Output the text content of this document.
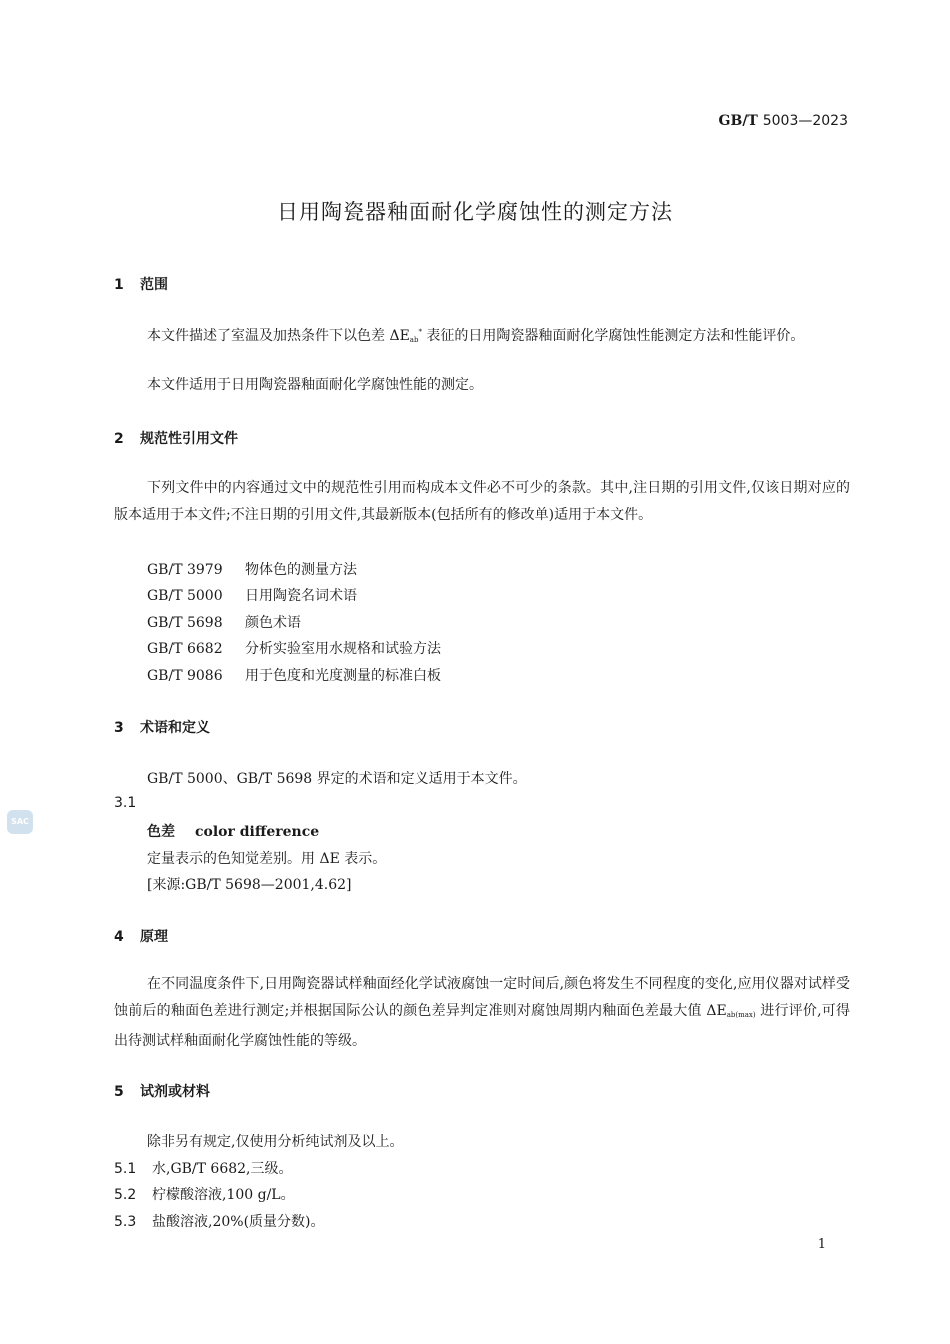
GB/T 5003—2023
日用陶瓷器釉面耐化学腐蚀性的测定方法
1 范围
本文件描述了室温及加热条件下以色差 $\Delta E_{ab}^*$ 表征的日用陶瓷器釉面耐化学腐蚀性能测定方法和性能评价。
本文件适用于日用陶瓷器釉面耐化学腐蚀性能的测定。
2 规范性引用文件
下列文件中的内容通过文中的规范性引用而构成本文件必不可少的条款。其中,注日期的引用文件,仅该日期对应的版本适用于本文件;不注日期的引用文件,其最新版本(包括所有的修改单)适用于本文件。
GB/T 3979 物体色的测量方法
GB/T 5000 日用陶瓷名词术语
GB/T 5698 颜色术语
GB/T 6682 分析实验室用水规格和试验方法
GB/T 9086 用于色度和光度测量的标准白板
3 术语和定义
GB/T 5000、GB/T 5698 界定的术语和定义适用于本文件。
3.1
色差 color difference
定量表示的色知觉差别。用 ΔE 表示。
[来源:GB/T 5698—2001,4.62]
4 原理
在不同温度条件下,日用陶瓷器试样釉面经化学试液腐蚀一定时间后,颜色将发生不同程度的变化,应用仪器对试样受蚀前后的釉面色差进行测定;并根据国际公认的颜色差异判定准则对腐蚀周期内釉面色差最大值 $\Delta E_{ab(max)}$ 进行评价,可得出待测试样釉面耐化学腐蚀性能的等级。
5 试剂或材料
除非另有规定,仅使用分析纯试剂及以上。
5.1 水,GB/T 6682,三级。
5.2 柠檬酸溶液,100 g/L。
5.3 盐酸溶液,20%(质量分数)。
SAC
1
